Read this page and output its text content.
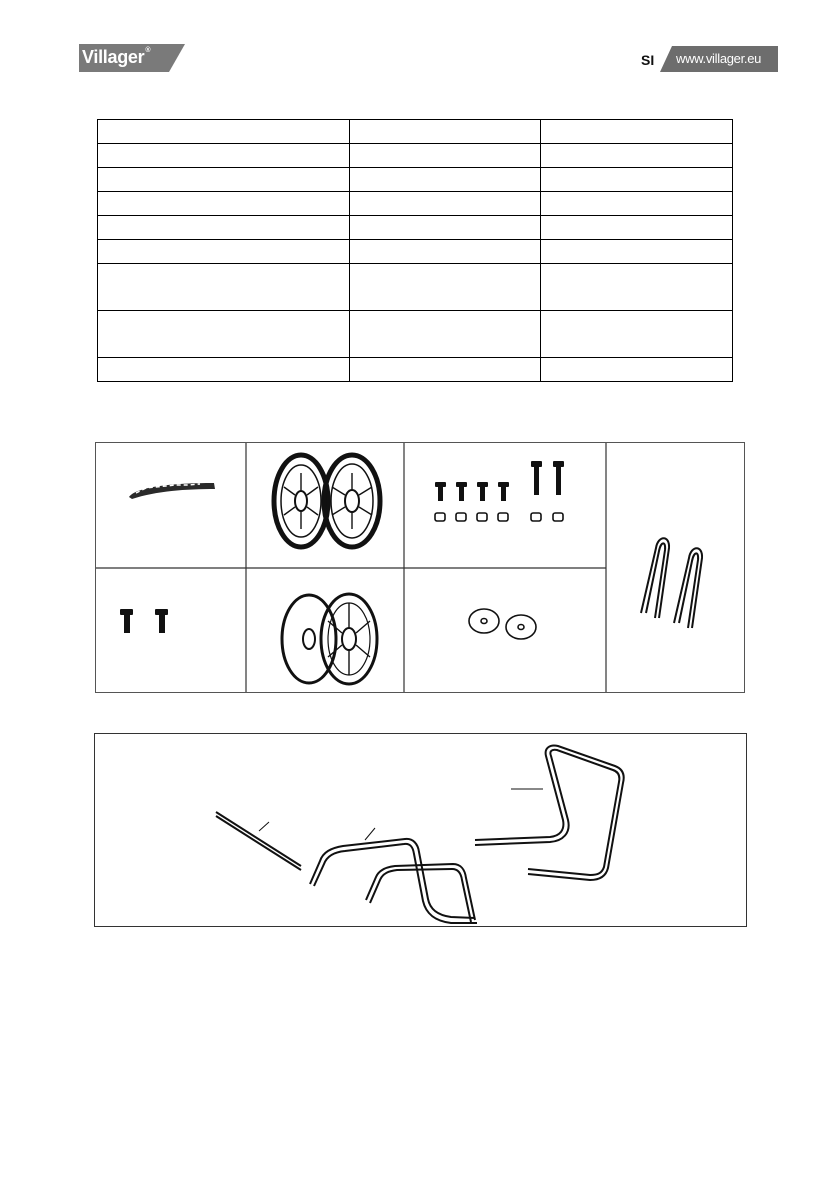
Villager®
SI www.villager.eu
